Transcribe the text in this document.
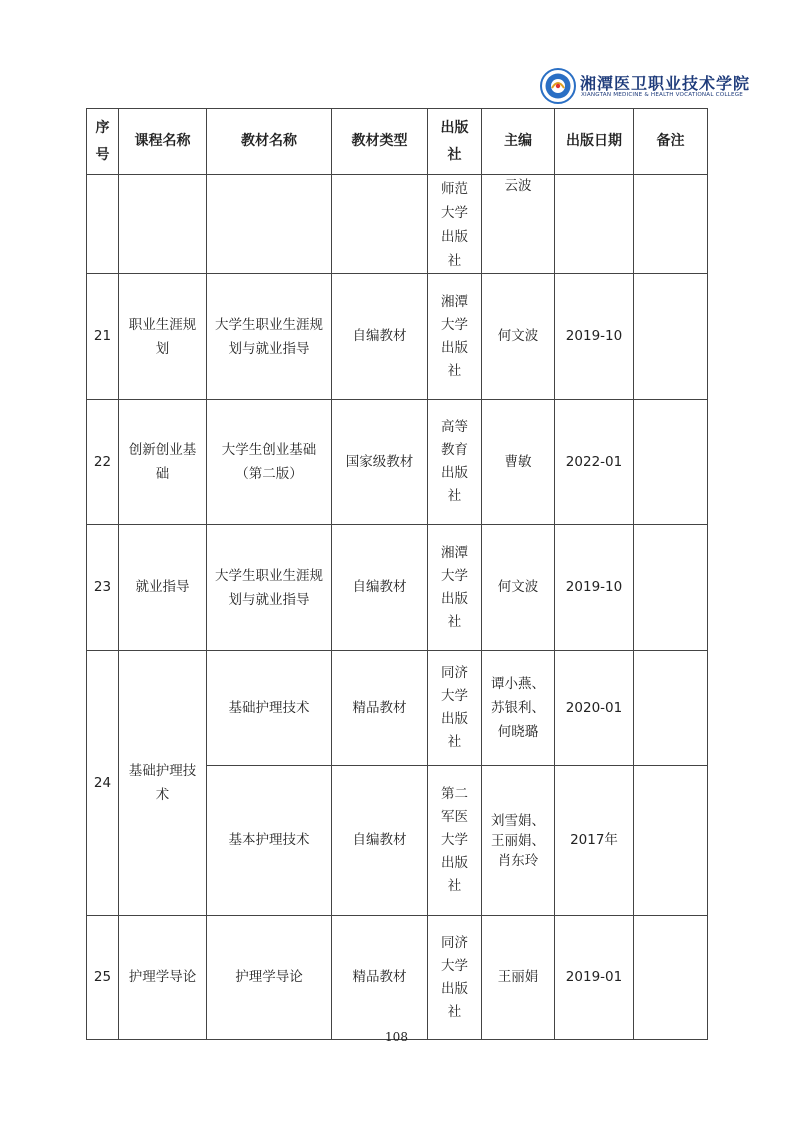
湘潭医卫职业技术学院
XIANGTAN MEDICINE & HEALTH VOCATIONAL COLLEGE
序号	课程名称	教材名称	教材类型	出版社	主编	出版日期	备注

				师范大学出版社	云波		
21	职业生涯规划	大学生职业生涯规划与就业指导	自编教材	湘潭大学出版社	何文波	2019-10	
22	创新创业基础	大学生创业基础（第二版）	国家级教材	高等教育出版社	曹敏	2022-01	
23	就业指导	大学生职业生涯规划与就业指导	自编教材	湘潭大学出版社	何文波	2019-10	
24	基础护理技术	基础护理技术	精品教材	同济大学出版社	谭小燕、苏银利、何晓璐	2020-01	
		基本护理技术	自编教材	第二军医大学出版社	刘雪娟、王丽娟、肖东玲	2017年	
25	护理学导论	护理学导论	精品教材	同济大学出版社	王丽娟	2019-01	
108
